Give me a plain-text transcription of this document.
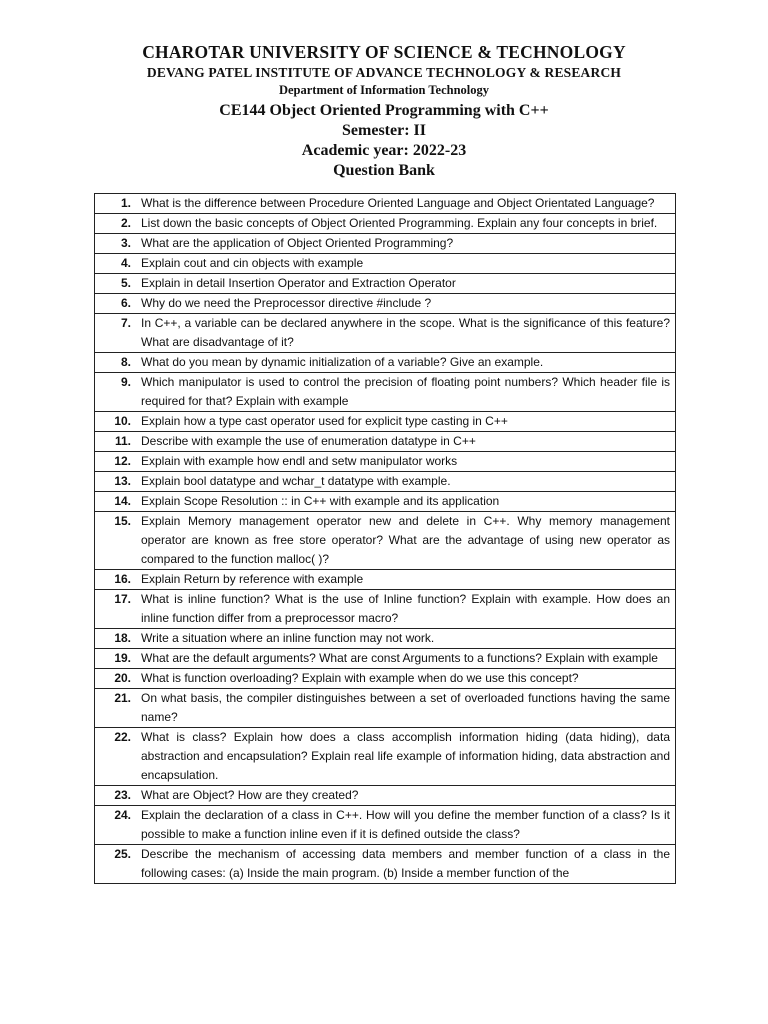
CHAROTAR UNIVERSITY OF SCIENCE & TECHNOLOGY
DEVANG PATEL INSTITUTE OF ADVANCE TECHNOLOGY & RESEARCH
Department of Information Technology
CE144 Object Oriented Programming with C++
Semester: II
Academic year: 2022-23
Question Bank
1.	What is the difference between Procedure Oriented Language and Object Orientated Language?
2.	List down the basic concepts of Object Oriented Programming. Explain any four concepts in brief.
3.	What are the application of Object Oriented Programming?
4.	Explain cout and cin objects with example
5.	Explain in detail Insertion Operator and Extraction Operator
6.	Why do we need the Preprocessor directive #include ?
7.	In C++, a variable can be declared anywhere in the scope. What is the significance of this feature? What are disadvantage of it?
8.	What do you mean by dynamic initialization of a variable? Give an example.
9.	Which manipulator is used to control the precision of floating point numbers? Which header file is required for that? Explain with example
10.	Explain how a type cast operator used for explicit type casting in C++
11.	Describe with example the use of enumeration datatype in C++
12.	Explain with example how endl and setw manipulator works
13.	Explain bool datatype and wchar_t datatype with example.
14.	Explain Scope Resolution :: in C++ with example and its application
15.	Explain Memory management operator new and delete in C++. Why memory management operator are known as free store operator? What are the advantage of using new operator as compared to the function malloc( )?
16.	Explain Return by reference with example
17.	What is inline function? What is the use of Inline function? Explain with example. How does an inline function differ from a preprocessor macro?
18.	Write a situation where an inline function may not work.
19.	What are the default arguments? What are const Arguments to a functions? Explain with example
20.	What is function overloading? Explain with example when do we use this concept?
21.	On what basis, the compiler distinguishes between a set of overloaded functions having the same name?
22.	What is class? Explain how does a class accomplish information hiding (data hiding), data abstraction and encapsulation? Explain real life example of information hiding, data abstraction and encapsulation.
23.	What are Object? How are they created?
24.	Explain the declaration of a class in C++. How will you define the member function of a class? Is it possible to make a function inline even if it is defined outside the class?
25.	Describe the mechanism of accessing data members and member function of a class in the following cases: (a) Inside the main program. (b) Inside a member function of the
